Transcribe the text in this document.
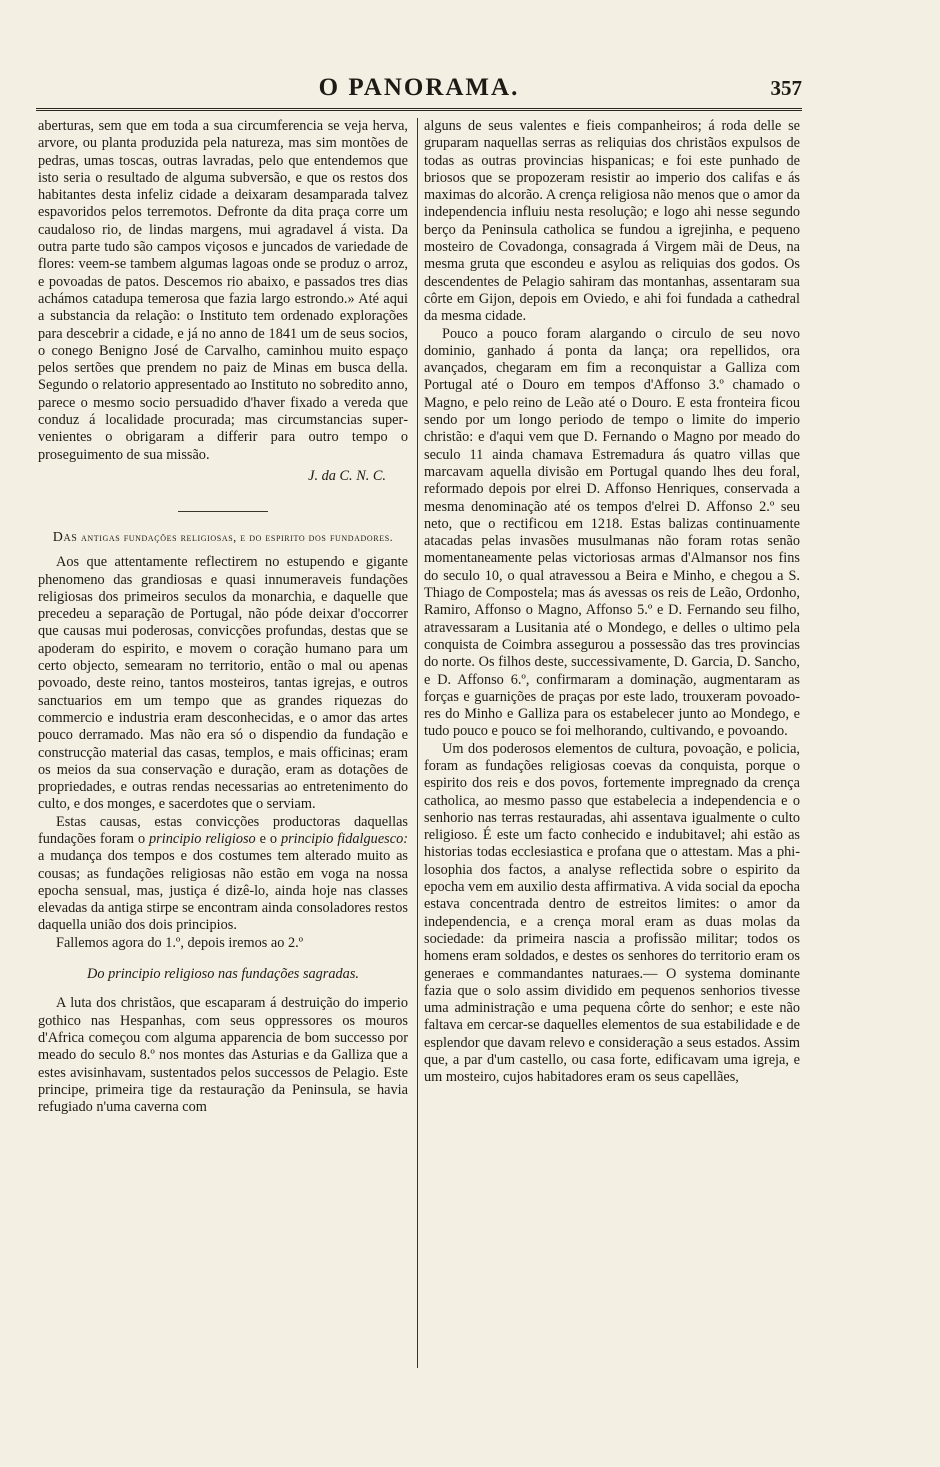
O PANORAMA.	357

aberturas, sem que em toda a sua circumferencia se veja herva, arvore, ou planta produzida pela natureza, mas sim montões de pedras, umas toscas, outras lavradas, pelo que entendemos que isto seria o resultado de alguma subversão, e que os restos dos habitantes desta infeliz cidade a deixaram desamparada talvez espavoridos pelos terremotos. Defronte da dita praça corre um caudaloso rio, de lindas margens, mui agradavel á vista. Da outra parte tudo são campos viçosos e juncados de variedade de flores: veem-se tambem algumas lagoas onde se produz o arroz, e povoadas de patos. Descemos rio abaixo, e passados tres dias achámos catadupa temerosa que fazia largo estrondo.» Até aqui a substancia da relação: o Instituto tem ordenado explorações para descebrir a cidade, e já no anno de 1841 um de seus socios, o conego Benigno José de Carvalho, caminhou muito espaço pelos sertões que prendem no paiz de Minas em busca della. Segundo o relatorio appresentado ao Instituto no sobredito anno, parece o mesmo socio persuadido d'haver fixado a vereda que conduz á localidade procurada; mas circumstancias supervenientes o obrigaram a differir para outro tempo o proseguimento de sua missão.

J. da C. N. C.

Das antigas fundações religiosas, e do espirito dos fundadores.

Aos que attentamente reflectirem no estupendo e gigante phenomeno das grandiosas e quasi innumeraveis fundações religiosas dos primeiros seculos da monarchia, e daquelle que precedeu a separação de Portugal, não póde deixar d'occorrer que causas mui poderosas, convicções profundas, destas que se apoderam do espirito, e movem o coração humano para um certo objecto, semearam no territorio, então o mal ou apenas povoado, deste reino, tantos mosteiros, tantas igrejas, e outros sanctuarios em um tempo que as grandes riquezas do commercio e industria eram desconhecidas, e o amor das artes pouco derramado. Mas não era só o dispendio da fundação e construcção material das casas, templos, e mais officinas; eram os meios da sua conservação e duração, eram as dotações de propriedades, e outras rendas necessarias ao entretenimento do culto, e dos monges, e sacerdotes que o serviam.

Estas causas, estas convicções productoras daquellas fundações foram o principio religioso e o principio fidalguesco: a mudança dos tempos e dos costumes tem alterado muito as cousas; as fundações religiosas não estão em voga na nossa epocha sensual, mas, justiça é dizê-lo, ainda hoje nas classes elevadas da antiga stirpe se encontram ainda consoladores restos daquella união dos dois principios.

Fallemos agora do 1.º, depois iremos ao 2.º

Do principio religioso nas fundações sagradas.

A luta dos christãos, que escaparam á destruição do imperio gothico nas Hespanhas, com seus oppressores os mouros d'Africa começou com alguma apparencia de bom successo por meado do seculo 8.º nos montes das Asturias e da Galliza que a estes avisinhavam, sustentados pelos successos de Pelagio. Este principe, primeira tige da restauração da Peninsula, se havia refugiado n'uma caverna com

alguns de seus valentes e fieis companheiros; á roda delle se gruparam naquellas serras as reliquias dos christãos expulsos de todas as outras provincias hispanicas; e foi este punhado de briosos que se propozeram resistir ao imperio dos califas e ás maximas do alcorão. A crença religiosa não menos que o amor da independencia influiu nesta resolução; e logo ahi nesse segundo berço da Peninsula catholica se fundou a igrejinha, e pequeno mosteiro de Covadonga, consagrada á Virgem mãi de Deus, na mesma gruta que escondeu e asylou as reliquias dos godos. Os descendentes de Pelagio sahiram das montanhas, assentaram sua côrte em Gijon, depois em Oviedo, e ahi foi fundada a cathedral da mesma cidade.

Pouco a pouco foram alargando o circulo de seu novo dominio, ganhado á ponta da lança; ora repellidos, ora avançados, chegaram em fim a reconquistar a Galliza com Portugal até o Douro em tempos d'Affonso 3.º chamado o Magno, e pelo reino de Leão até o Douro. E esta fronteira ficou sendo por um longo periodo de tempo o limite do imperio christão: e d'aqui vem que D. Fernando o Magno por meado do seculo 11 ainda chamava Estremadura ás quatro villas que marcavam aquella divisão em Portugal quando lhes deu foral, reformado depois por elrei D. Affonso Henriques, conservada a mesma denominação até os tempos d'elrei D. Affonso 2.º seu neto, que o rectificou em 1218. Estas balizas continuamente atacadas pelas invasões musulmanas não foram rotas senão momentaneamente pelas victoriosas armas d'Almansor nos fins do seculo 10, o qual atravessou a Beira e Minho, e chegou a S. Thiago de Compostela; mas ás avessas os reis de Leão, Ordonho, Ramiro, Affonso o Magno, Affonso 5.º e D. Fernando seu filho, atravessaram a Lusitania até o Mondego, e delles o ultimo pela conquista de Coimbra assegurou a possessão das tres provincias do norte. Os filhos deste, successivamente, D. Garcia, D. Sancho, e D. Affonso 6.º, confirmaram a dominação, augmentaram as forças e guarnições de praças por este lado, trouxeram povoadores do Minho e Galliza para os estabelecer junto ao Mondego, e tudo pouco e pouco se foi melhorando, cultivando, e povoando.

Um dos poderosos elementos de cultura, povoação, e policia, foram as fundações religiosas coevas da conquista, porque o espirito dos reis e dos povos, fortemente impregnado da crença catholica, ao mesmo passo que estabelecia a independencia e o senhorio nas terras restauradas, ahi assentava igualmente o culto religioso. É este um facto conhecido e indubitavel; ahi estão as historias todas ecclesiastica e profana que o attestam. Mas a philosophia dos factos, a analyse reflectida sobre o espirito da epocha vem em auxilio desta affirmativa. A vida social da epocha estava concentrada dentro de estreitos limites: o amor da independencia, e a crença moral eram as duas molas da sociedade: da primeira nascia a profissão militar; todos os homens eram soldados, e destes os senhores do territorio eram os generaes e commandantes naturaes.— O systema dominante fazia que o solo assim dividido em pequenos senhorios tivesse uma administração e uma pequena côrte do senhor; e este não faltava em cercar-se daquelles elementos de sua estabilidade e de esplendor que davam relevo e consideração a seus estados. Assim que, a par d'um castello, ou casa forte, edificavam uma igreja, e um mosteiro, cujos habitadores eram os seus capellães,
